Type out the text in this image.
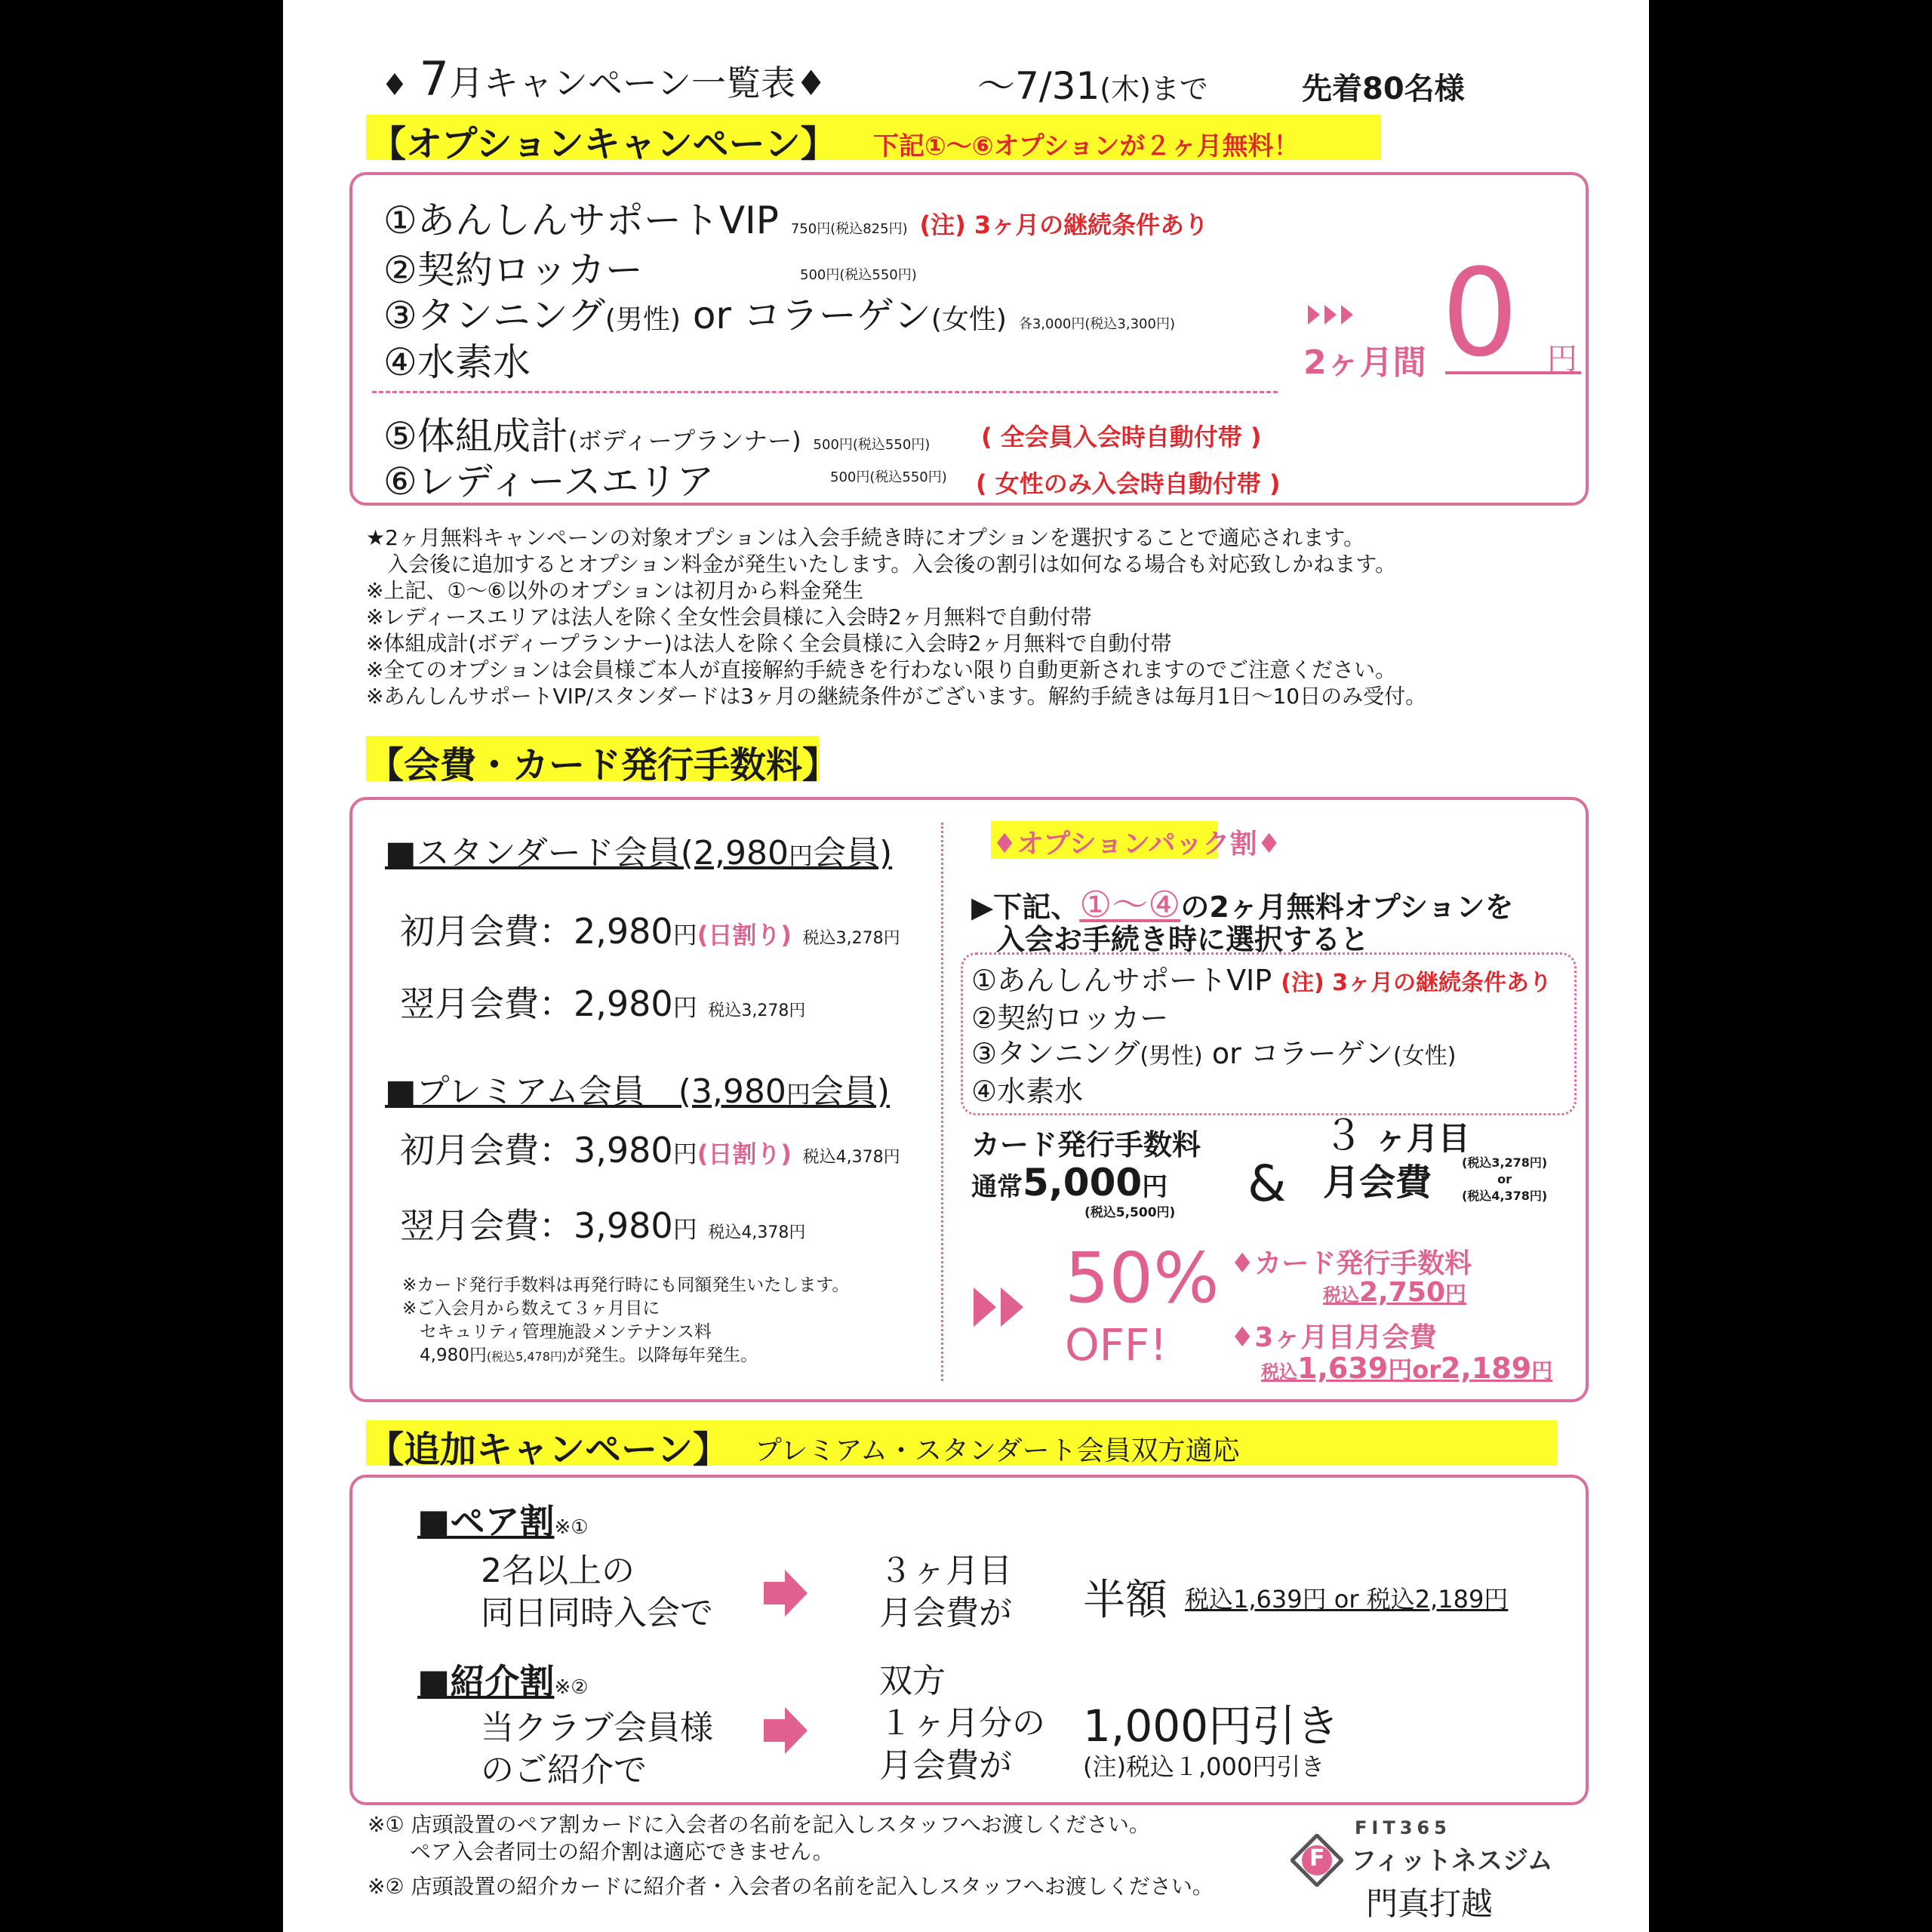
♦ 7月キャンペーン一覧表♦	～7/31(木)まで	先着80名様
【オプションキャンペーン】 下記①～⑥オプションが２ヶ月無料！
①あんしんサポートVIP 750円(税込825円) (注) 3ヶ月の継続条件あり
②契約ロッカー	500円(税込550円)
③タンニング(男性) or コラーゲン(女性) 各3,000円(税込3,300円)
④水素水
⑤体組成計(ボディープランナー) 500円(税込550円) ( 全会員入会時自動付帯 )
⑥レディースエリア	500円(税込550円) ( 女性のみ入会時自動付帯 )
2ヶ月間 0 円
★2ヶ月無料キャンペーンの対象オプションは入会手続き時にオプションを選択することで適応されます。
　入会後に追加するとオプション料金が発生いたします。入会後の割引は如何なる場合も対応致しかねます。
※上記、①～⑥以外のオプションは初月から料金発生
※レディースエリアは法人を除く全女性会員様に入会時2ヶ月無料で自動付帯
※体組成計(ボディープランナー)は法人を除く全会員様に入会時2ヶ月無料で自動付帯
※全てのオプションは会員様ご本人が直接解約手続きを行わない限り自動更新されますのでご注意ください。
※あんしんサポートVIP/スタンダードは3ヶ月の継続条件がございます。解約手続きは毎月1日～10日のみ受付。
【会費・カード発行手数料】
■スタンダード会員(2,980円会員)
初月会費：2,980円(日割り) 税込3,278円
翌月会費：2,980円 税込3,278円
■プレミアム会員　(3,980円会員)
初月会費：3,980円(日割り) 税込4,378円
翌月会費：3,980円 税込4,378円
※カード発行手数料は再発行時にも同額発生いたします。
※ご入会月から数えて３ヶ月目に
　セキュリティ管理施設メンテナンス料
　4,980円(税込5,478円)が発生。以降毎年発生。
♦オプションパック割♦
▶下記、①～④の2ヶ月無料オプションを
入会お手続き時に選択すると
①あんしんサポートVIP (注) 3ヶ月の継続条件あり
②契約ロッカー
③タンニング(男性) or コラーゲン(女性)
④水素水
カード発行手数料
通常5,000円
(税込5,500円) &
３ ヶ月目
月会費	(税込3,278円)
or
(税込4,378円)
50%
OFF!
♦カード発行手数料
税込2,750円
♦3ヶ月目月会費
税込1,639円or2,189円
【追加キャンペーン】 プレミアム・スタンダート会員双方適応
■ペア割※①
2名以上の
同日同時入会で
３ヶ月目
月会費が 半額 税込1,639円 or 税込2,189円
■紹介割※②
当クラブ会員様
のご紹介で
双方
１ヶ月分の
月会費が
1,000円引き
(注)税込１,000円引き
※① 店頭設置のペア割カードに入会者の名前を記入しスタッフへお渡しください。
　　ペア入会者同士の紹介割は適応できません。
※② 店頭設置の紹介カードに紹介者・入会者の名前を記入しスタッフへお渡しください。
F
FIT365
フィットネスジム
門真打越
